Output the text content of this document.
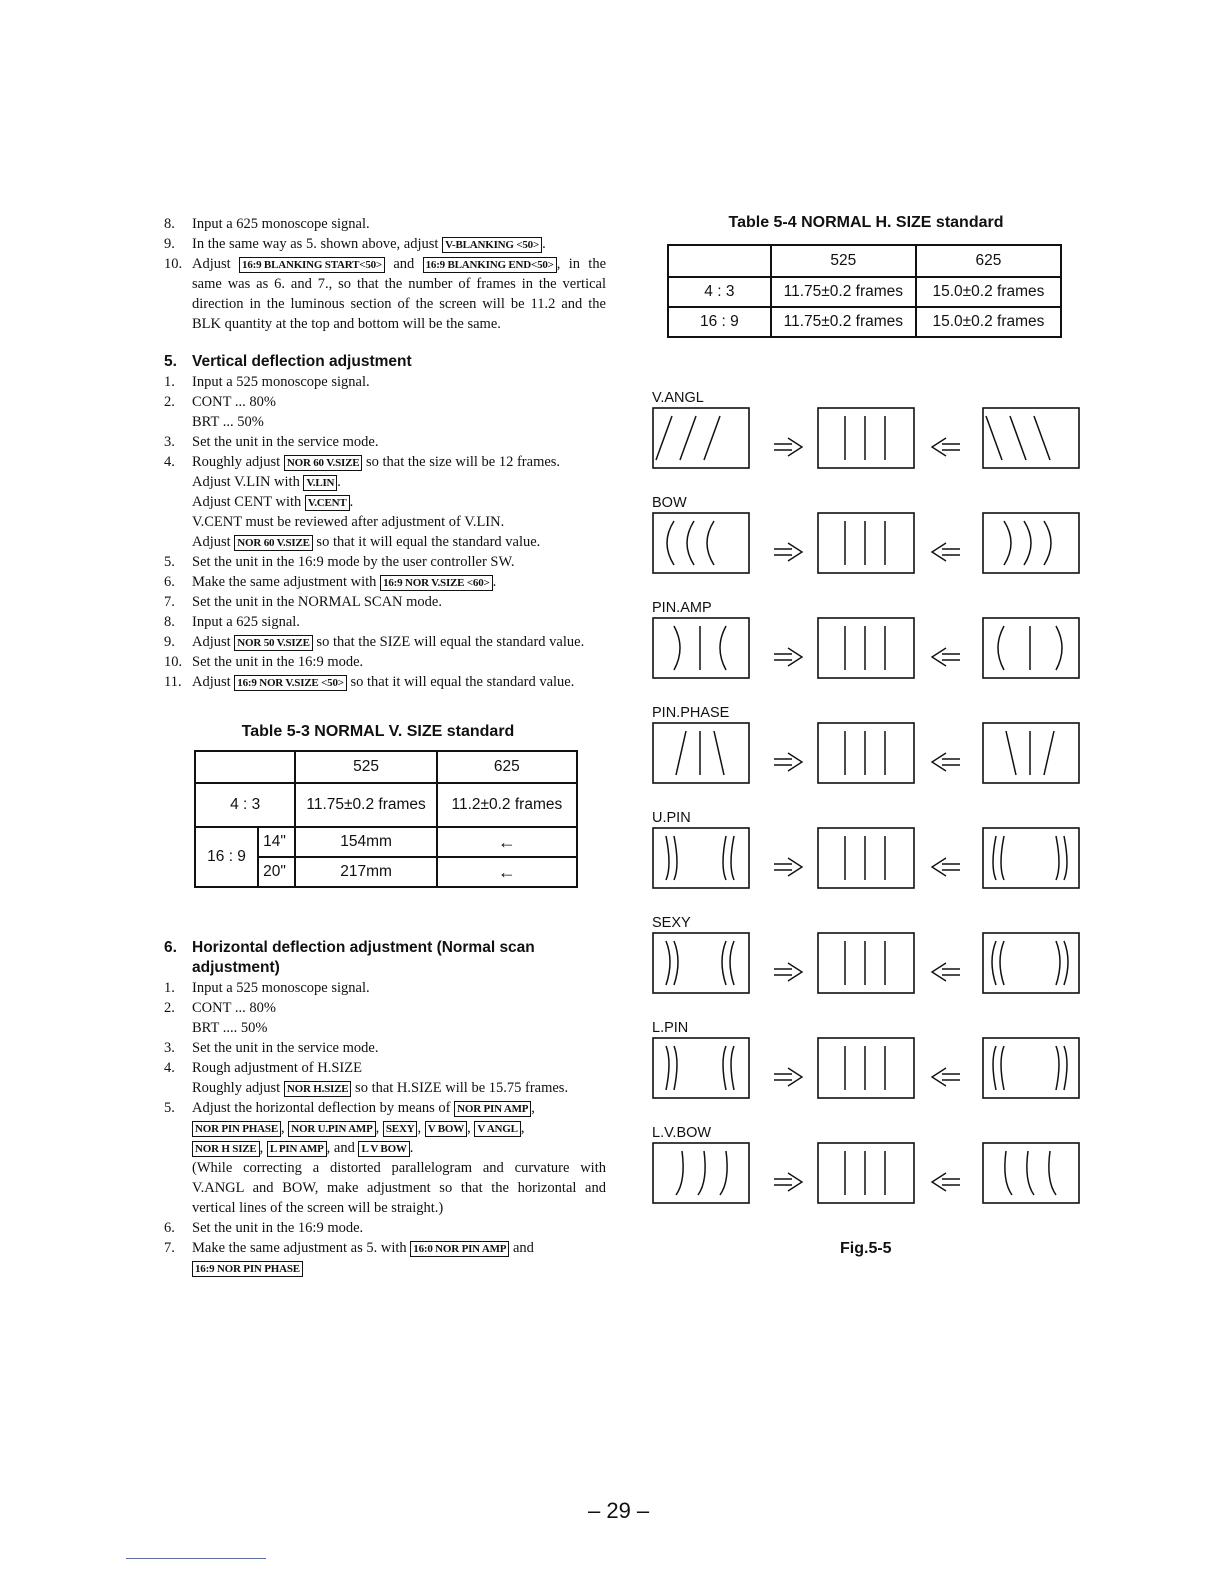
8.	Input a 625 monoscope signal.
9.	In the same way as 5. shown above, adjust V-BLANKING <50> .
10. Adjust 16:9 BLANKING START<50> and 16:9 BLANKING END<50> , in the same was as 6. and 7., so that the number of frames in the vertical direction in the luminous section of the screen will be 11.2 and the BLK quantity at the top and bottom will be the same.
5. Vertical deflection adjustment
1.	Input a 525 monoscope signal.
2.	CONT ... 80%
BRT ... 50%
3.	Set the unit in the service mode.
4.	Roughly adjust NOR 60 V.SIZE so that the size will be 12 frames.
Adjust V.LIN with V.LIN .
Adjust CENT with V.CENT .
V.CENT must be reviewed after adjustment of V.LIN.
Adjust NOR 60 V.SIZE so that it will equal the standard value.
5.	Set the unit in the 16:9 mode by the user controller SW.
6.	Make the same adjustment with 16:9 NOR V.SIZE <60> .
7.	Set the unit in the NORMAL SCAN mode.
8.	Input a 625 signal.
9.	Adjust NOR 50 V.SIZE so that the SIZE will equal the standard value.
10. Set the unit in the 16:9 mode.
11. Adjust 16:9 NOR V.SIZE <50> so that it will equal the standard value.
Table 5-3 NORMAL V. SIZE standard
		525	625
4 : 3		11.75±0.2 frames	11.2±0.2 frames
16 : 9	14"	154mm	←
	20"	217mm	←
6. Horizontal deflection adjustment (Normal scan adjustment)
1.	Input a 525 monoscope signal.
2.	CONT ... 80%
BRT .... 50%
3.	Set the unit in the service mode.
4.	Rough adjustment of H.SIZE
Roughly adjust NOR H.SIZE so that H.SIZE will be 15.75 frames.
5.	Adjust the horizontal deflection by means of NOR PIN AMP ,
NOR PIN PHASE , NOR U.PIN AMP , SEXY , V BOW , V ANGL ,
NOR H SIZE , L PIN AMP , and L V BOW .
(While correcting a distorted parallelogram and curvature with V.ANGL and BOW, make adjustment so that the horizontal and vertical lines of the screen will be straight.)
6.	Set the unit in the 16:9 mode.
7.	Make the same adjustment as 5. with 16:0 NOR PIN AMP and
16:9 NOR PIN PHASE
Table 5-4 NORMAL H. SIZE standard
	525	625
4 : 3	11.75±0.2 frames	15.0±0.2 frames
16 : 9	11.75±0.2 frames	15.0±0.2 frames
V.ANGL
BOW
PIN.AMP
PIN.PHASE
U.PIN
SEXY
L.PIN
L.V.BOW
Fig.5-5
– 29 –
